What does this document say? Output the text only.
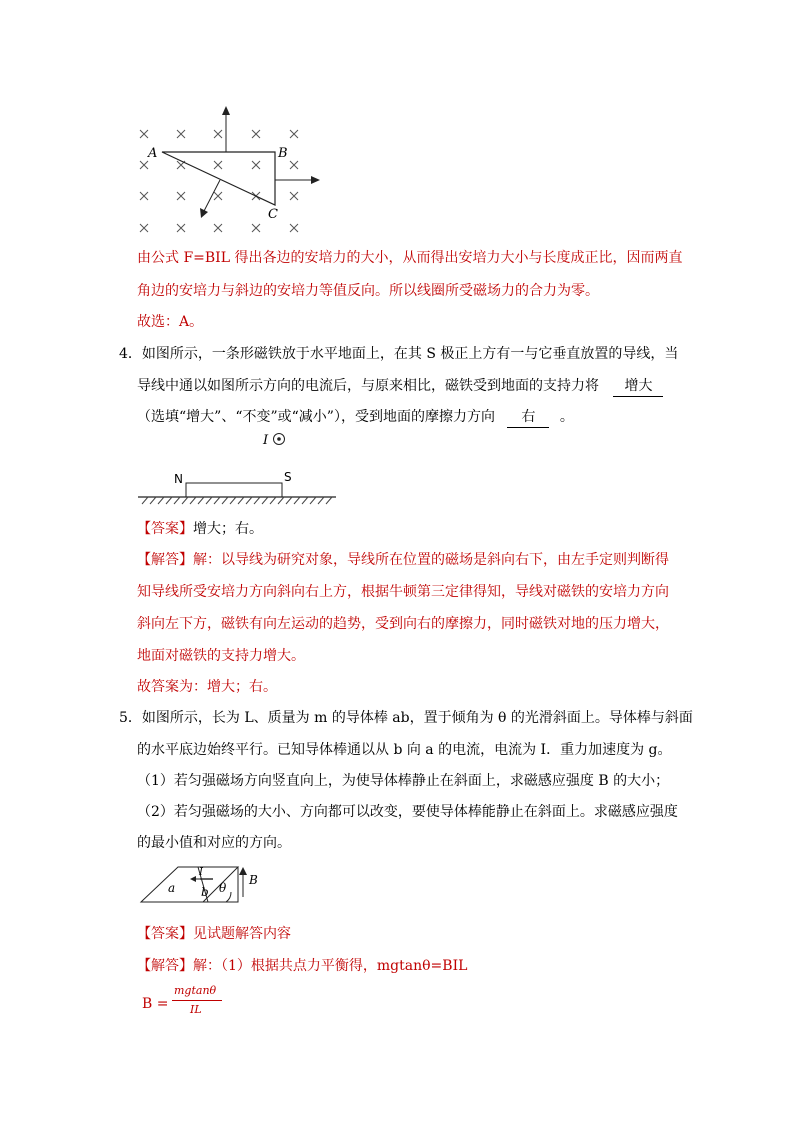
A	B
C
由公式 F=BIL 得出各边的安培力的大小，从而得出安培力大小与长度成正比，因而两直
角边的安培力与斜边的安培力等值反向。所以线圈所受磁场力的合力为零。
故选：A。
4．如图所示，一条形磁铁放于水平地面上，在其 S 极正上方有一与它垂直放置的导线，当
导线中通以如图所示方向的电流后，与原来相比，磁铁受到地面的支持力将 增大
（选填“增大”、“不变”或“减小”），受到地面的摩擦力方向 右 。
I
N	S
【答案】增大；右。
【解答】解：以导线为研究对象，导线所在位置的磁场是斜向右下，由左手定则判断得
知导线所受安培力方向斜向右上方，根据牛顿第三定律得知，导线对磁铁的安培力方向
斜向左下方，磁铁有向左运动的趋势，受到向右的摩擦力，同时磁铁对地的压力增大，
地面对磁铁的支持力增大。
故答案为：增大；右。
5．如图所示，长为 L、质量为 m 的导体棒 ab，置于倾角为 θ 的光滑斜面上。导体棒与斜面
的水平底边始终平行。已知导体棒通以从 b 向 a 的电流，电流为 I．重力加速度为 g。
（1）若匀强磁场方向竖直向上，为使导体棒静止在斜面上，求磁感应强度 B 的大小；
（2）若匀强磁场的大小、方向都可以改变，要使导体棒能静止在斜面上。求磁感应强度
的最小值和对应的方向。
I
a b θ
B
【答案】见试题解答内容
【解答】解：（1）根据共点力平衡得，mgtanθ=BIL
B =
mgtanθ
IL
